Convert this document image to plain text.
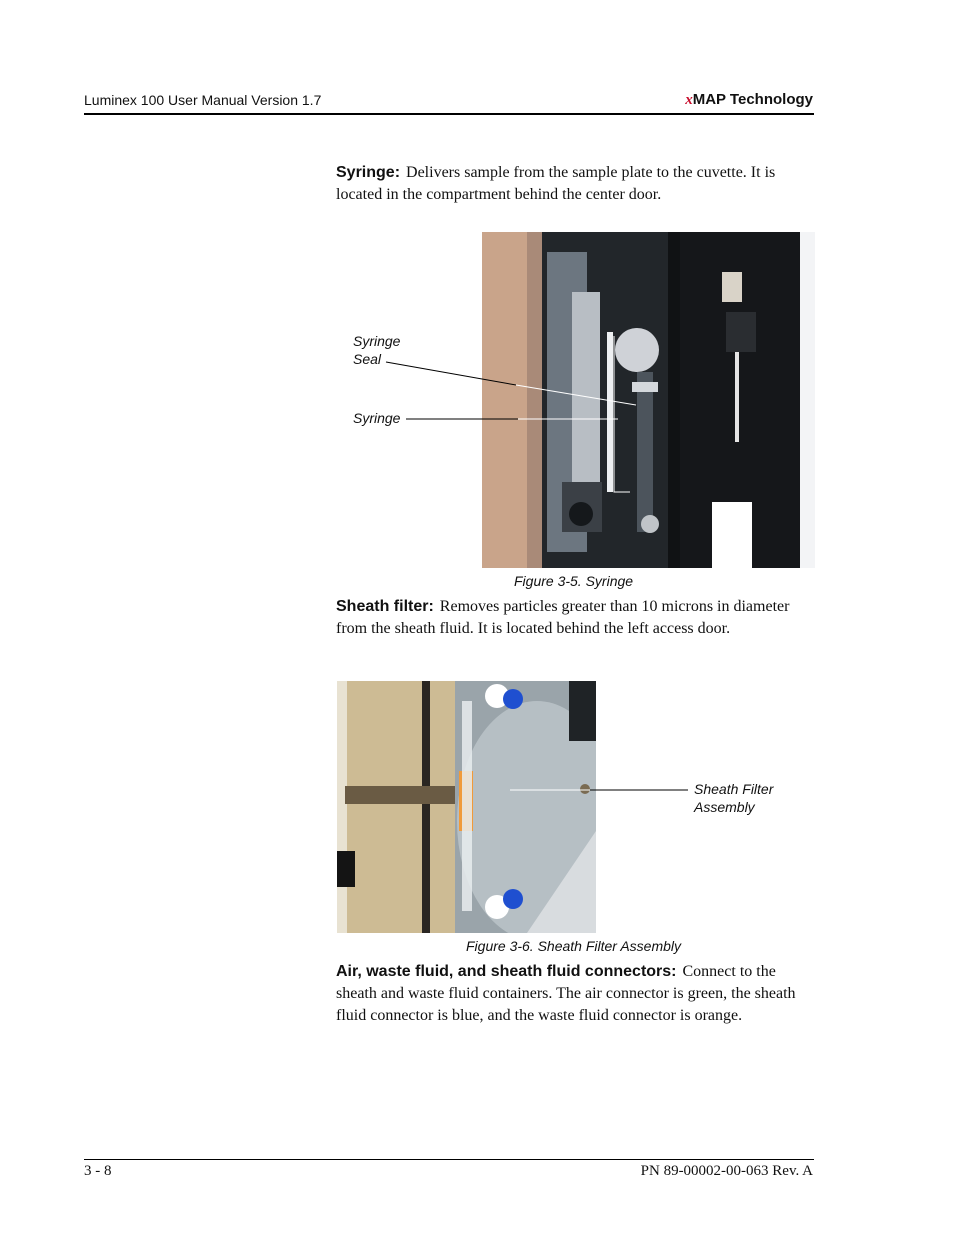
Luminex 100 User Manual Version 1.7	xMAP Technology
Syringe: Delivers sample from the sample plate to the cuvette. It is located in the compartment behind the center door.
Syringe
Seal
Syringe
Figure 3-5. Syringe
Sheath filter: Removes particles greater than 10 microns in diameter from the sheath fluid. It is located behind the left access door.
Sheath Filter
Assembly
Figure 3-6. Sheath Filter Assembly
Air, waste fluid, and sheath fluid connectors: Connect to the sheath and waste fluid containers. The air connector is green, the sheath fluid connector is blue, and the waste fluid connector is orange.
3 - 8	PN 89-00002-00-063 Rev. A
